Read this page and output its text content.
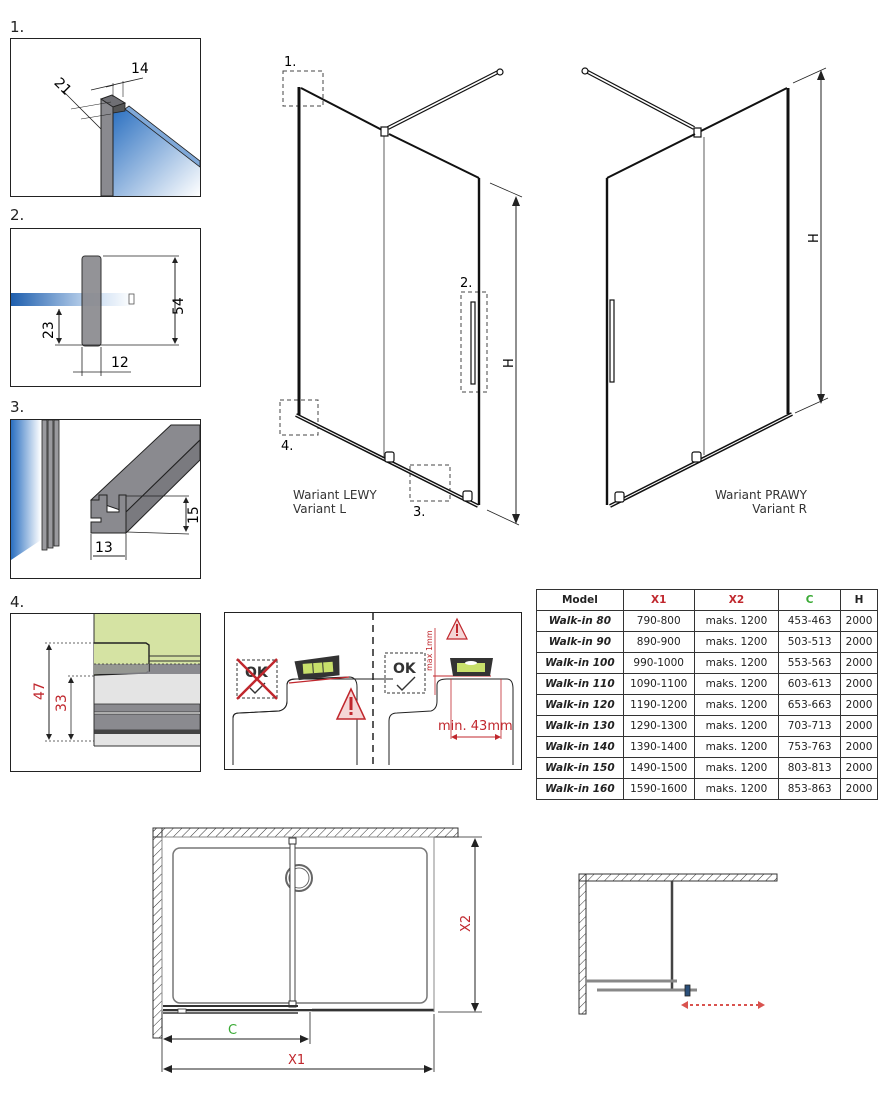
1.
14
21
2.
54
23
12
3.
15
13
4.
47
33
OK
max 1mm
OK
min. 43mm
1.
2.
3.
4.
H
H
Wariant LEWY
Variant L
Wariant PRAWY
Variant R
Model	X1	X2	C	H
Walk-in 80	790-800	maks. 1200	453-463	2000
Walk-in 90	890-900	maks. 1200	503-513	2000
Walk-in 100	990-1000	maks. 1200	553-563	2000
Walk-in 110	1090-1100	maks. 1200	603-613	2000
Walk-in 120	1190-1200	maks. 1200	653-663	2000
Walk-in 130	1290-1300	maks. 1200	703-713	2000
Walk-in 140	1390-1400	maks. 1200	753-763	2000
Walk-in 150	1490-1500	maks. 1200	803-813	2000
Walk-in 160	1590-1600	maks. 1200	853-863	2000
X2
C
X1
